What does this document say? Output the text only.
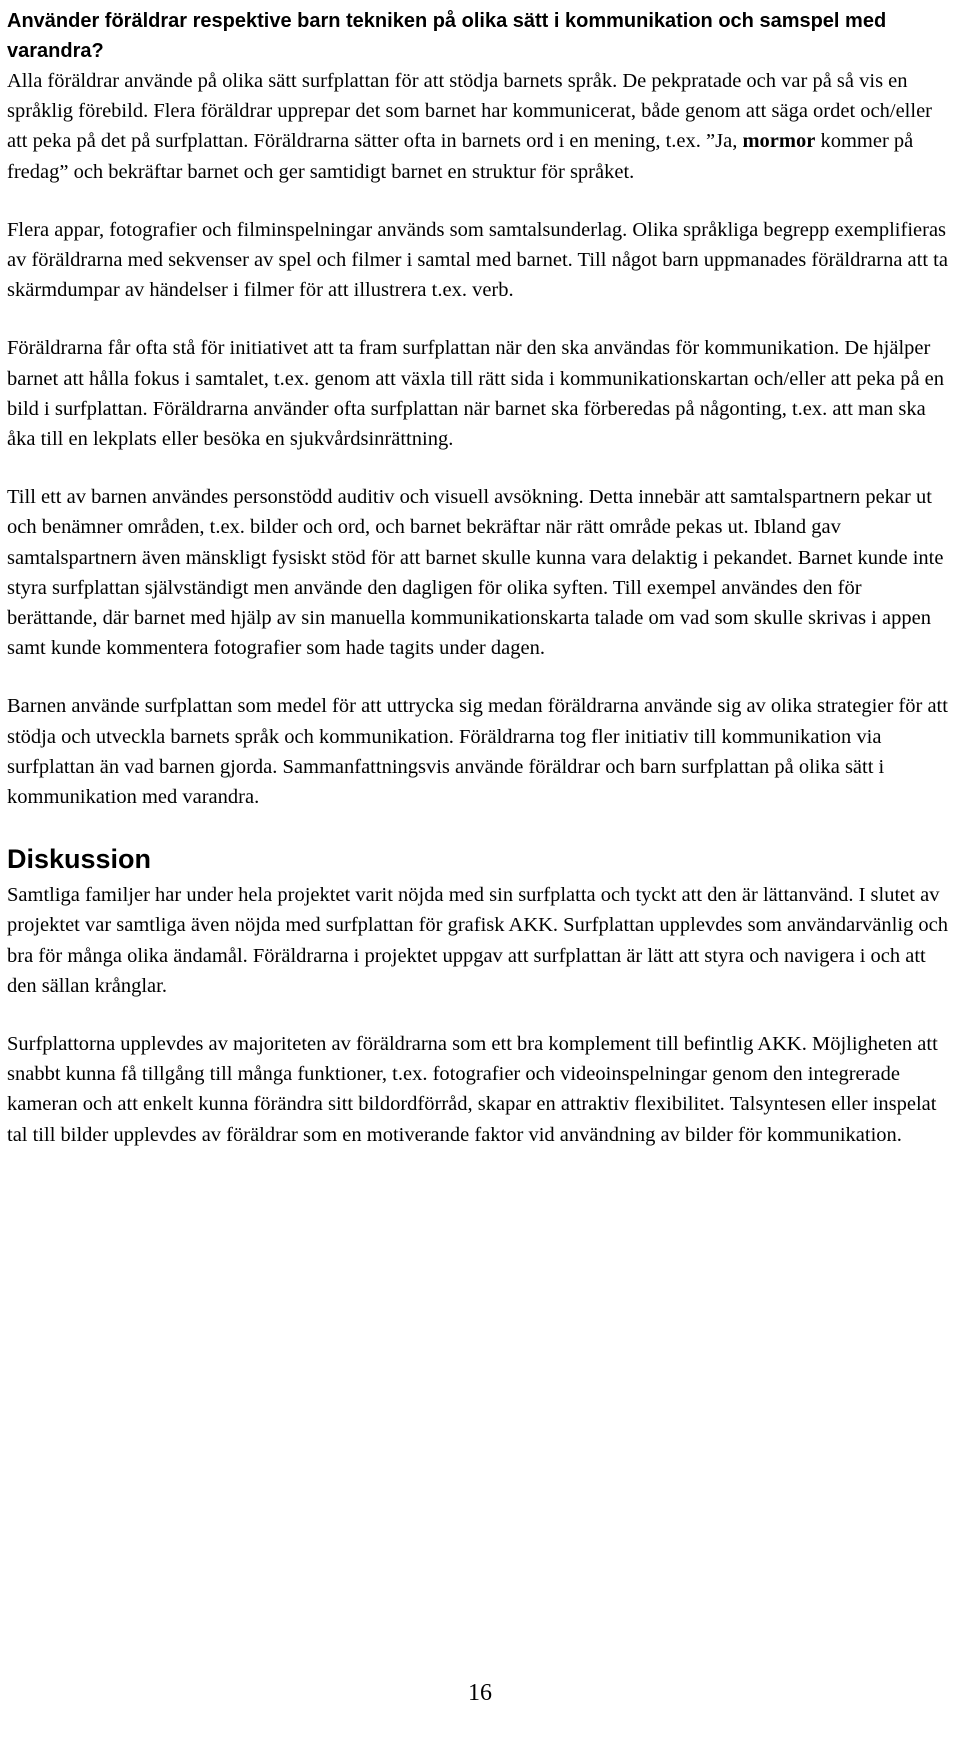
Använder föräldrar respektive barn tekniken på olika sätt i kommunikation och samspel med varandra?

Alla föräldrar använde på olika sätt surfplattan för att stödja barnets språk. De pekpratade och var på så vis en språklig förebild. Flera föräldrar upprepar det som barnet har kommunicerat, både genom att säga ordet och/eller att peka på det på surfplattan. Föräldrarna sätter ofta in barnets ord i en mening, t.ex. ”Ja, mormor kommer på fredag” och bekräftar barnet och ger samtidigt barnet en struktur för språket.

Flera appar, fotografier och filminspelningar används som samtalsunderlag. Olika språkliga begrepp exemplifieras av föräldrarna med sekvenser av spel och filmer i samtal med barnet. Till något barn uppmanades föräldrarna att ta skärmdumpar av händelser i filmer för att illustrera t.ex. verb.

Föräldrarna får ofta stå för initiativet att ta fram surfplattan när den ska användas för kommunikation. De hjälper barnet att hålla fokus i samtalet, t.ex. genom att växla till rätt sida i kommunikationskartan och/eller att peka på en bild i surfplattan. Föräldrarna använder ofta surfplattan när barnet ska förberedas på någonting, t.ex. att man ska åka till en lekplats eller besöka en sjukvårdsinrättning.

Till ett av barnen användes personstödd auditiv och visuell avsökning. Detta innebär att samtalspartnern pekar ut och benämner områden, t.ex. bilder och ord, och barnet bekräftar när rätt område pekas ut. Ibland gav samtalspartnern även mänskligt fysiskt stöd för att barnet skulle kunna vara delaktig i pekandet. Barnet kunde inte styra surfplattan självständigt men använde den dagligen för olika syften. Till exempel användes den för berättande, där barnet med hjälp av sin manuella kommunikationskarta talade om vad som skulle skrivas i appen samt kunde kommentera fotografier som hade tagits under dagen.

Barnen använde surfplattan som medel för att uttrycka sig medan föräldrarna använde sig av olika strategier för att stödja och utveckla barnets språk och kommunikation. Föräldrarna tog fler initiativ till kommunikation via surfplattan än vad barnen gjorda. Sammanfattningsvis använde föräldrar och barn surfplattan på olika sätt i kommunikation med varandra.

Diskussion

Samtliga familjer har under hela projektet varit nöjda med sin surfplatta och tyckt att den är lättanvänd. I slutet av projektet var samtliga även nöjda med surfplattan för grafisk AKK. Surfplattan upplevdes som användarvänlig och bra för många olika ändamål. Föräldrarna i projektet uppgav att surfplattan är lätt att styra och navigera i och att den sällan krånglar.

Surfplattorna upplevdes av majoriteten av föräldrarna som ett bra komplement till befintlig AKK. Möjligheten att snabbt kunna få tillgång till många funktioner, t.ex. fotografier och videoinspelningar genom den integrerade kameran och att enkelt kunna förändra sitt bildordförråd, skapar en attraktiv flexibilitet. Talsyntesen eller inspelat tal till bilder upplevdes av föräldrar som en motiverande faktor vid användning av bilder för kommunikation.

16
